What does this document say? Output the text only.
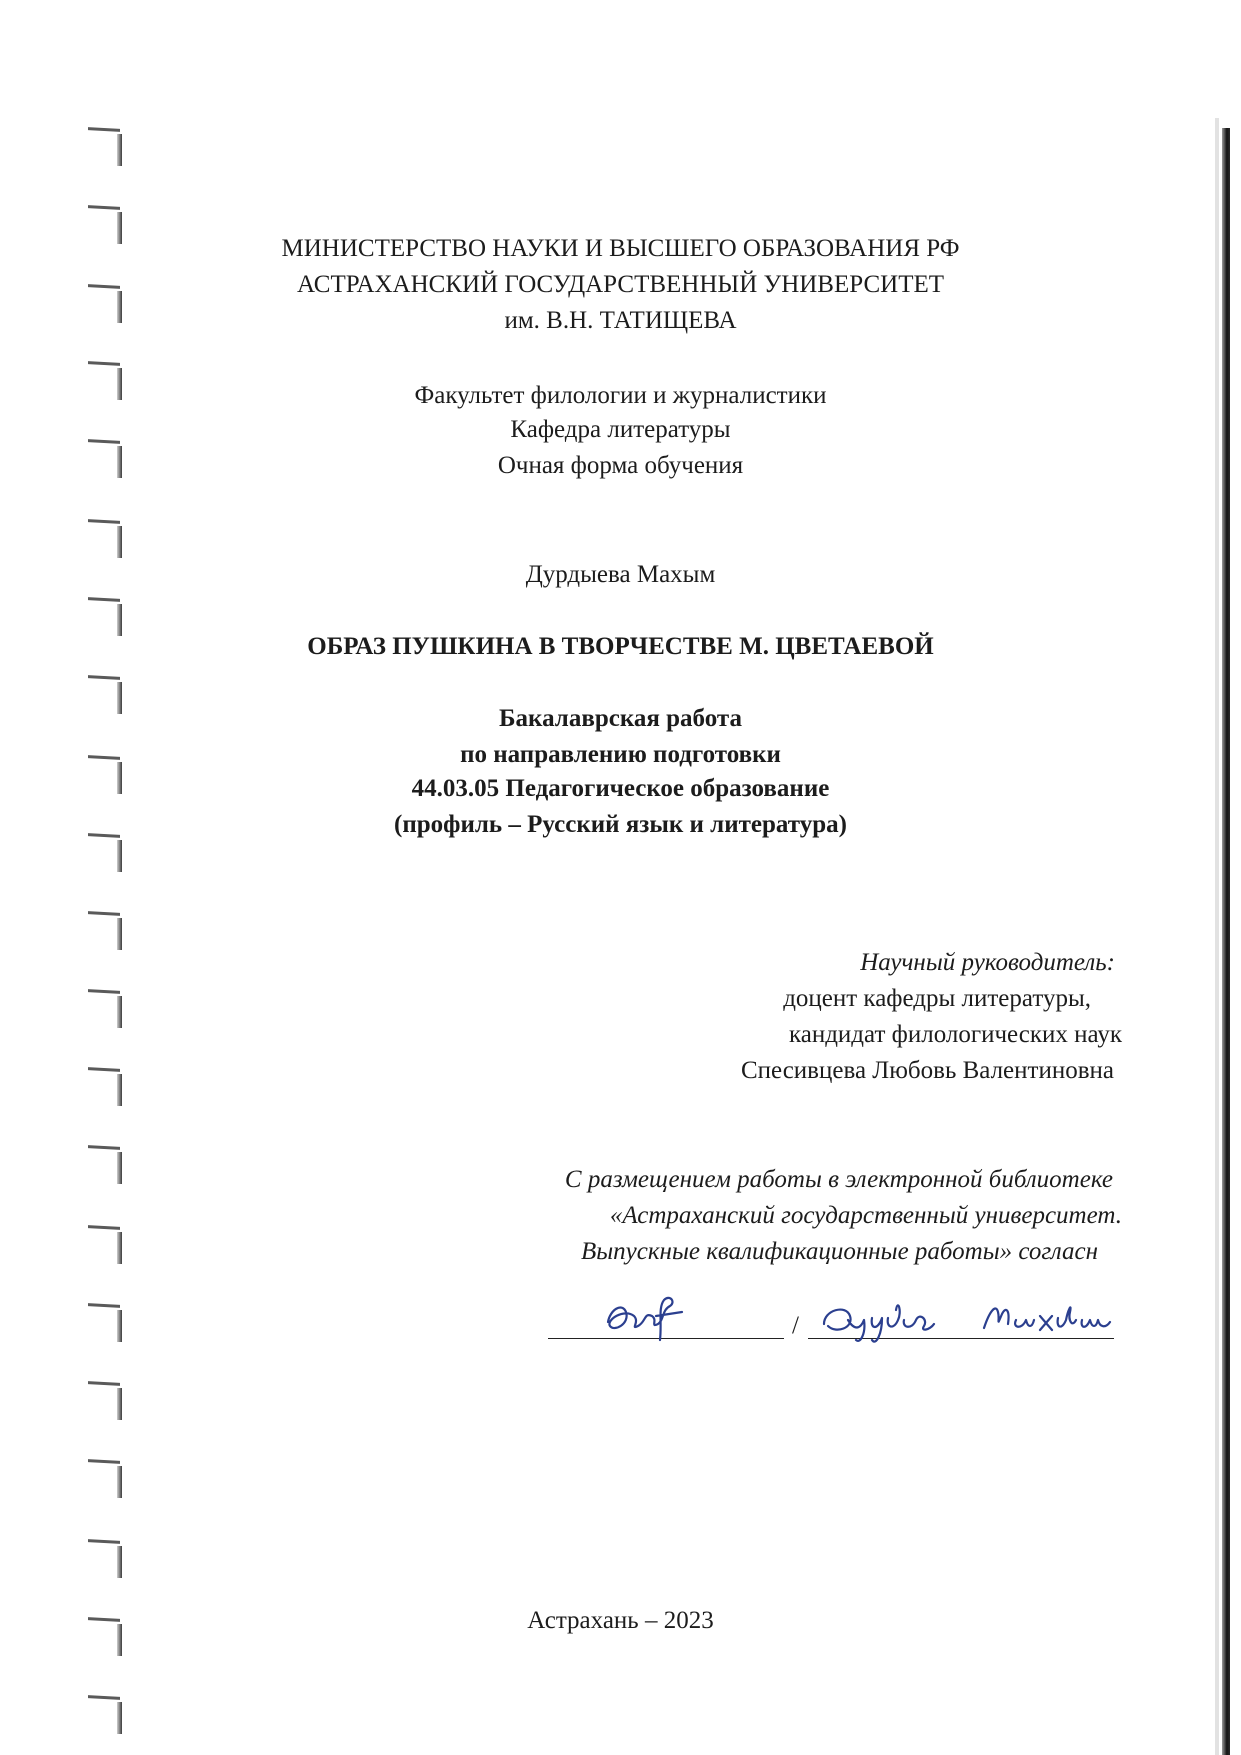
МИНИСТЕРСТВО НАУКИ И ВЫСШЕГО ОБРАЗОВАНИЯ РФ
АСТРАХАНСКИЙ ГОСУДАРСТВЕННЫЙ УНИВЕРСИТЕТ
им. В.Н. ТАТИЩЕВА
Факультет филологии и журналистики
Кафедра литературы
Очная форма обучения
Дурдыева Махым
ОБРАЗ ПУШКИНА В ТВОРЧЕСТВЕ М. ЦВЕТАЕВОЙ
Бакалаврская работа
по направлению подготовки
44.03.05 Педагогическое образование
(профиль – Русский язык и литература)
Научный руководитель:
доцент кафедры литературы,
кандидат филологических наук
Спесивцева Любовь Валентиновна
С размещением работы в электронной библиотеке
«Астраханский государственный университет.
Выпускные квалификационные работы» согласн
/
Астрахань – 2023
